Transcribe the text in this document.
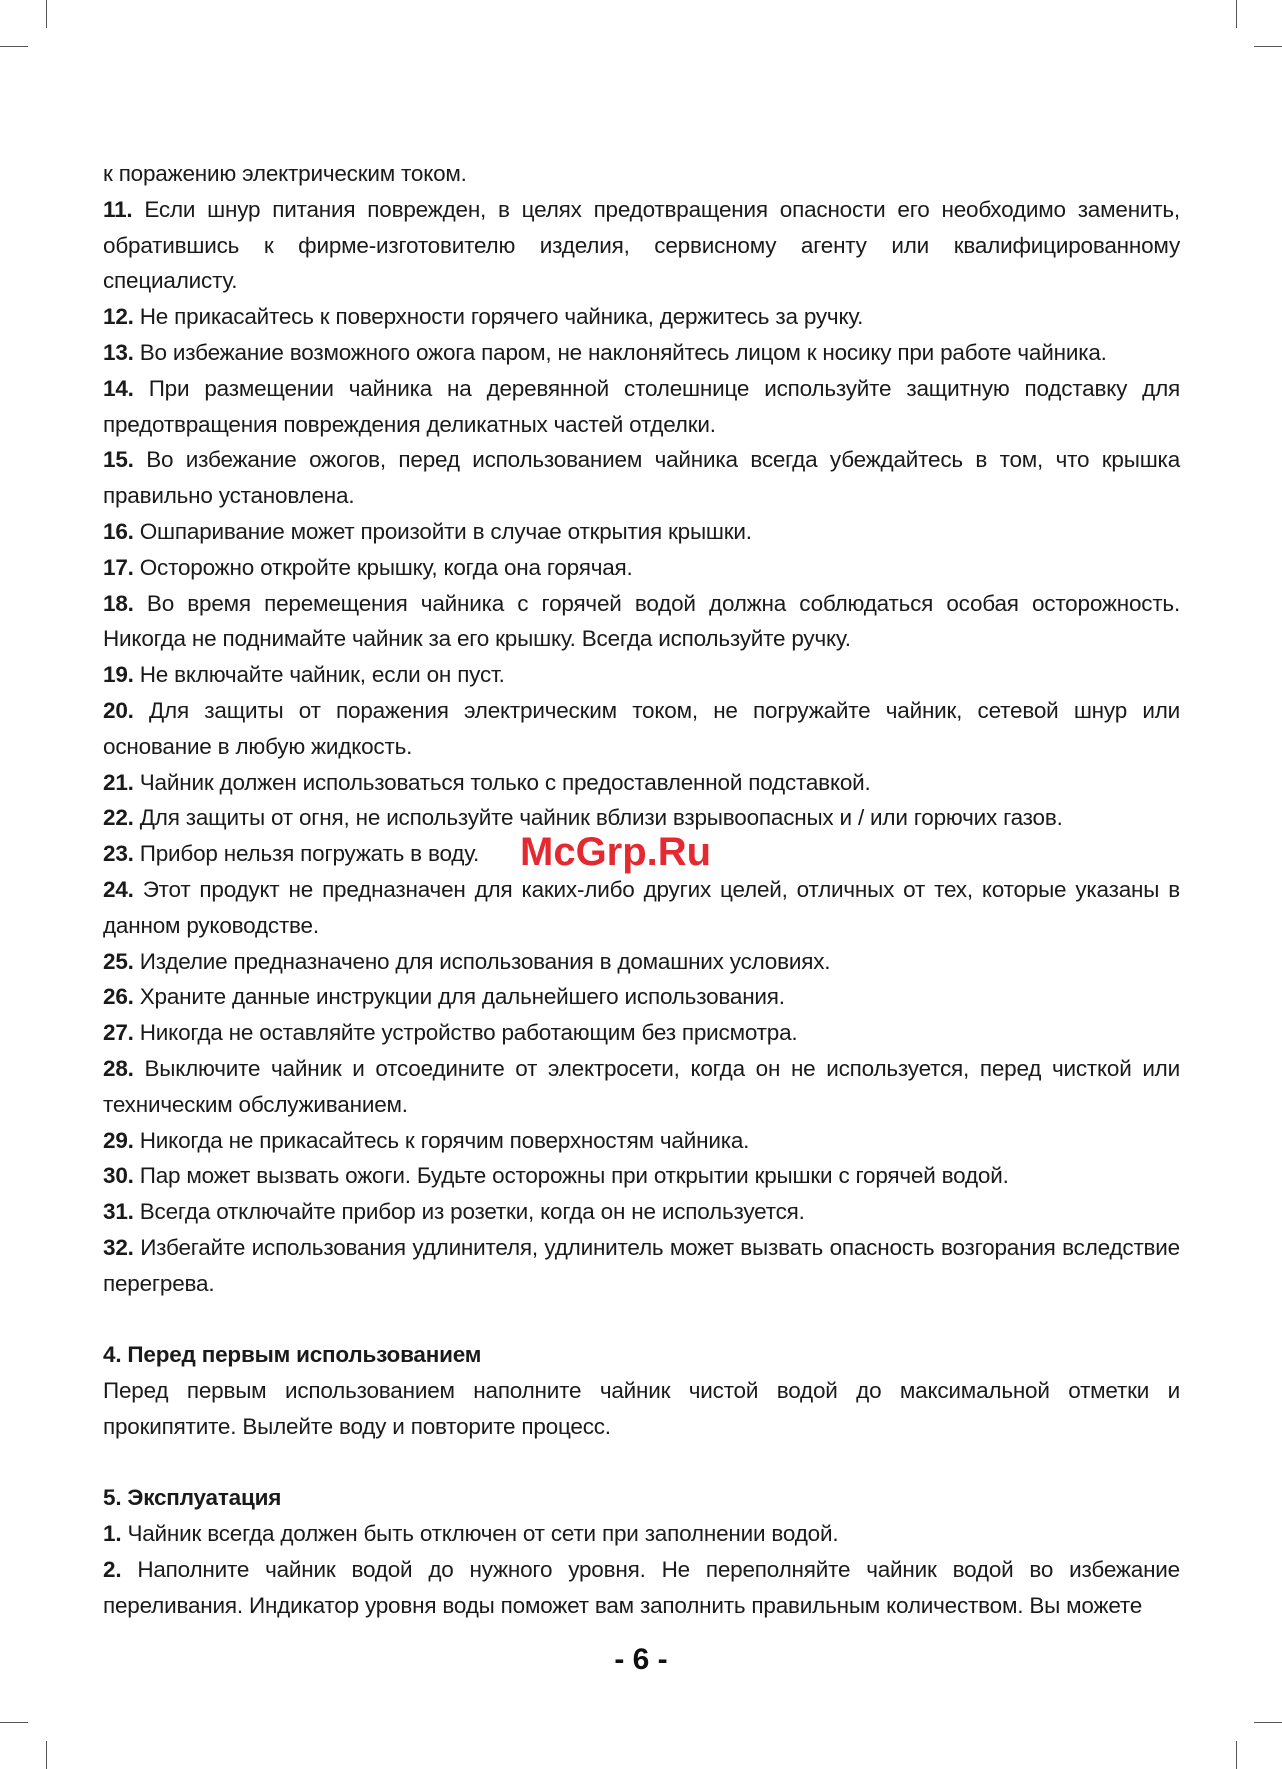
к поражению электрическим током.

11. Если шнур питания поврежден, в целях предотвращения опасности его необходимо заменить, обратившись к фирме-изготовителю изделия, сервисному агенту или квалифицированному специалисту.

12. Не прикасайтесь к поверхности горячего чайника, держитесь за ручку.

13. Во избежание возможного ожога паром, не наклоняйтесь лицом к носику при работе чайника.

14. При размещении чайника на деревянной столешнице используйте защитную подставку для предотвращения повреждения деликатных частей отделки.

15. Во избежание ожогов, перед использованием чайника всегда убеждайтесь в том, что крышка правильно установлена.

16. Ошпаривание может произойти в случае открытия крышки.

17. Осторожно откройте крышку, когда она горячая.

18. Во время перемещения чайника с горячей водой должна соблюдаться особая осторожность. Никогда не поднимайте чайник за его крышку. Всегда используйте ручку.

19. Не включайте чайник, если он пуст.

20. Для защиты от поражения электрическим током, не погружайте чайник, сетевой шнур или основание в любую жидкость.

21. Чайник должен использоваться только с предоставленной подставкой.

22. Для защиты от огня, не используйте чайник вблизи взрывоопасных и / или горючих газов.

23. Прибор нельзя погружать в воду.

24. Этот продукт не предназначен для каких-либо других целей, отличных от тех, которые указаны в данном руководстве.

25. Изделие предназначено для использования в домашних условиях.

26. Храните данные инструкции для дальнейшего использования.

27. Никогда не оставляйте устройство работающим без присмотра.

28. Выключите чайник и отсоедините от электросети, когда он не используется, перед чисткой или техническим обслуживанием.

29. Никогда не прикасайтесь к горячим поверхностям чайника.

30. Пар может вызвать ожоги. Будьте осторожны при открытии крышки с горячей водой.

31. Всегда отключайте прибор из розетки, когда он не используется.

32. Избегайте использования удлинителя, удлинитель может вызвать опасность возгорания вследствие перегрева.

4. Перед первым использованием

Перед первым использованием наполните чайник чистой водой до максимальной отметки и прокипятите. Вылейте воду и повторите процесс.

5. Эксплуатация

1. Чайник всегда должен быть отключен от сети при заполнении водой.

2. Наполните чайник водой до нужного уровня. Не переполняйте чайник водой во избежание переливания. Индикатор уровня воды поможет вам заполнить правильным количеством. Вы можете

McGrp.Ru
- 6 -
